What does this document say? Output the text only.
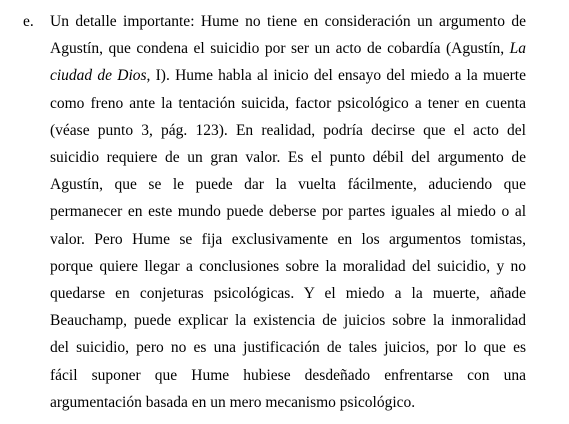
e. Un detalle importante: Hume no tiene en consideración un argumento de
Agustín, que condena el suicidio por ser un acto de cobardía (Agustín, La
ciudad de Dios, I). Hume habla al inicio del ensayo del miedo a la muerte
como freno ante la tentación suicida, factor psicológico a tener en cuenta
(véase punto 3, pág. 123). En realidad, podría decirse que el acto del
suicidio requiere de un gran valor. Es el punto débil del argumento de
Agustín, que se le puede dar la vuelta fácilmente, aduciendo que
permanecer en este mundo puede deberse por partes iguales al miedo o al
valor. Pero Hume se fija exclusivamente en los argumentos tomistas,
porque quiere llegar a conclusiones sobre la moralidad del suicidio, y no
quedarse en conjeturas psicológicas. Y el miedo a la muerte, añade
Beauchamp, puede explicar la existencia de juicios sobre la inmoralidad
del suicidio, pero no es una justificación de tales juicios, por lo que es
fácil suponer que Hume hubiese desdeñado enfrentarse con una
argumentación basada en un mero mecanismo psicológico.
